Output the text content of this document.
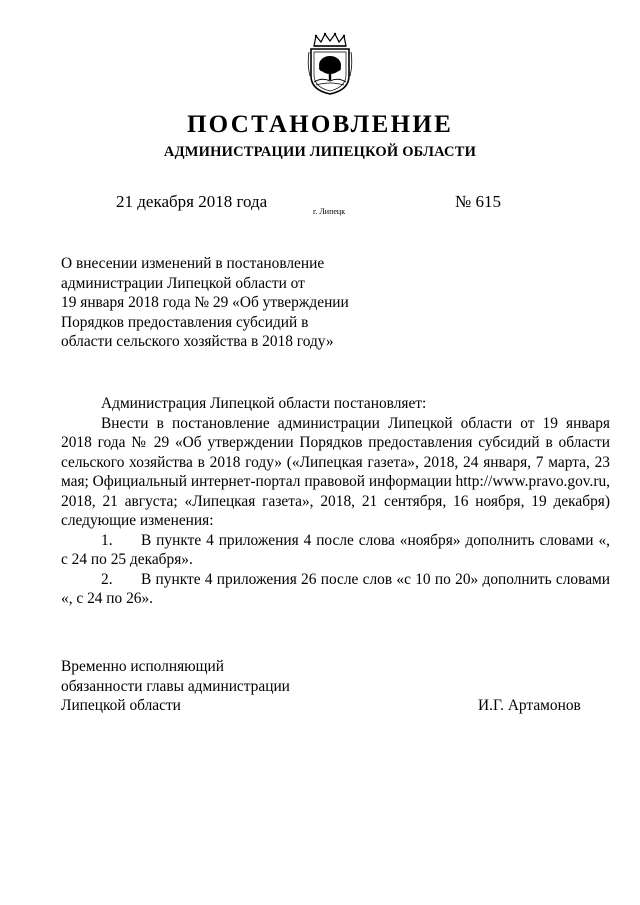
ПОСТАНОВЛЕНИЕ
АДМИНИСТРАЦИИ ЛИПЕЦКОЙ ОБЛАСТИ
21 декабря 2018 года
г. Липецк
№ 615
О внесении изменений в постановление
администрации Липецкой области от
19 января 2018 года № 29 «Об утверждении
Порядков предоставления субсидий в
области сельского хозяйства в 2018 году»

Администрация Липецкой области постановляет:

Внести в постановление администрации Липецкой области от 19 января 2018 года № 29 «Об утверждении Порядков предоставления субсидий в области сельского хозяйства в 2018 году» («Липецкая газета», 2018, 24 января, 7 марта, 23 мая; Официальный интернет-портал правовой информации http://www.pravo.gov.ru, 2018, 21 августа; «Липецкая газета», 2018, 21 сентября, 16 ноября, 19 декабря) следующие изменения:

1. В пункте 4 приложения 4 после слова «ноября» дополнить словами «, с 24 по 25 декабря».

2. В пункте 4 приложения 26 после слов «с 10 по 20» дополнить словами «, с 24 по 26».

Временно исполняющий
обязанности главы администрации
Липецкой области	И.Г. Артамонов
